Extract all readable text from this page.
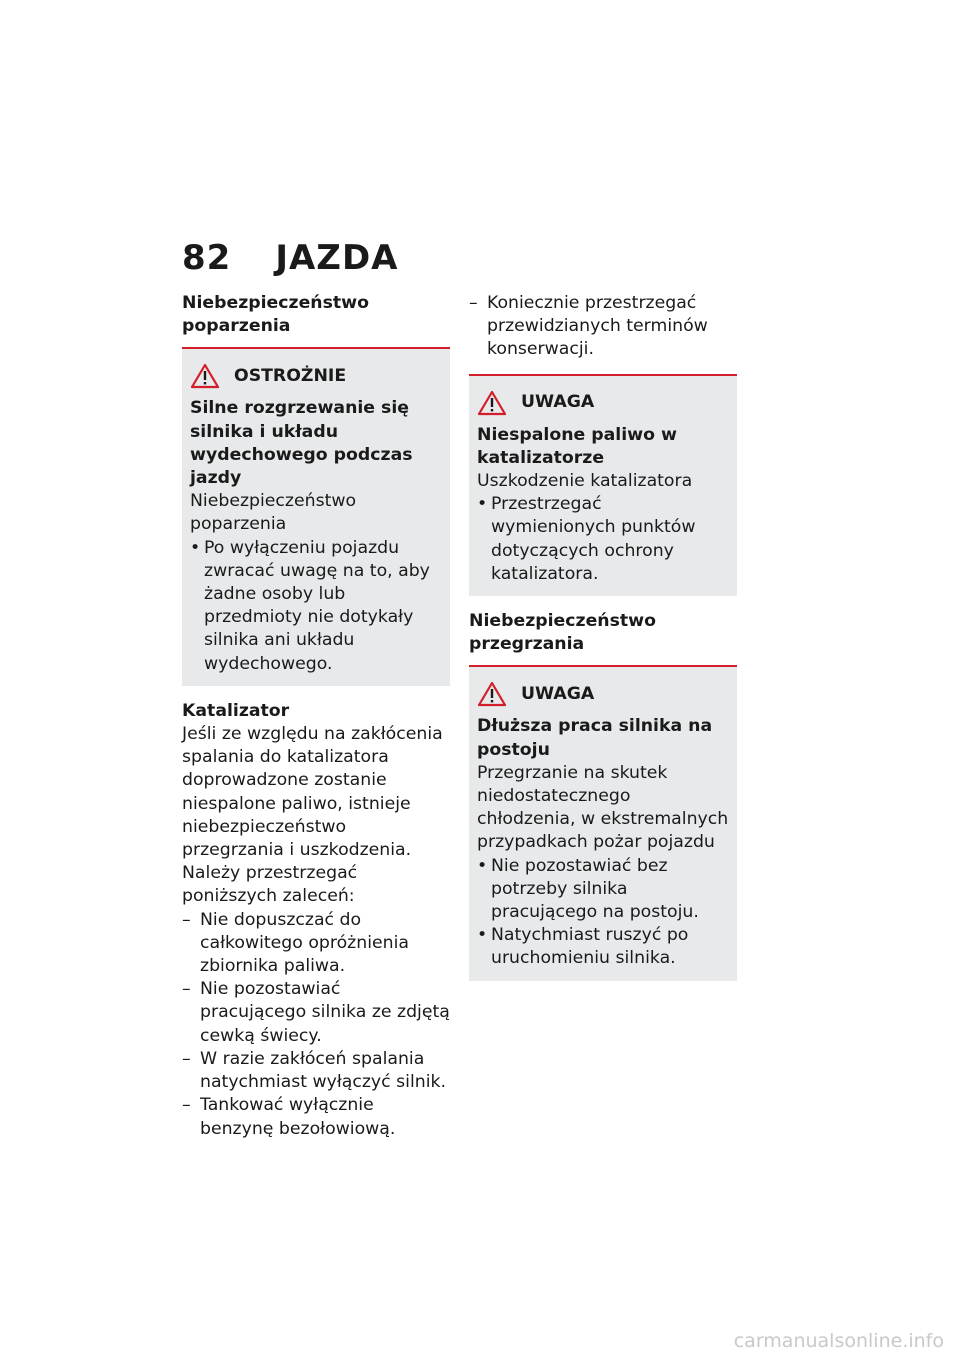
82 JAZDA
Niebezpieczeństwo poparzenia
OSTROŻNIE

Silne rozgrzewanie się silnika i układu wydechowego podczas jazdy

Niebezpieczeństwo poparzenia

• Po wyłączeniu pojazdu zwracać uwagę na to, aby żadne osoby lub przedmioty nie dotykały silnika ani układu wydechowego.

Katalizator

Jeśli ze względu na zakłócenia spalania do katalizatora doprowadzone zostanie niespalone paliwo, istnieje niebezpieczeństwo przegrzania i uszkodzenia.

Należy przestrzegać poniższych zaleceń:

– Nie dopuszczać do całkowitego opróżnienia zbiornika paliwa.

– Nie pozostawiać pracującego silnika ze zdjętą cewką świecy.

– W razie zakłóceń spalania natychmiast wyłączyć silnik.

– Tankować wyłącznie benzynę bezołowiową.

– Koniecznie przestrzegać przewidzianych terminów konserwacji.

UWAGA

Niespalone paliwo w katalizatorze

Uszkodzenie katalizatora

• Przestrzegać wymienionych punktów dotyczących ochrony katalizatora.

Niebezpieczeństwo przegrzania
UWAGA

Dłuższa praca silnika na postoju

Przegrzanie na skutek niedostatecznego chłodzenia, w ekstremalnych przypadkach pożar pojazdu

• Nie pozostawiać bez potrzeby silnika pracującego na postoju.

• Natychmiast ruszyć po uruchomieniu silnika.

carmanualsonline.info
